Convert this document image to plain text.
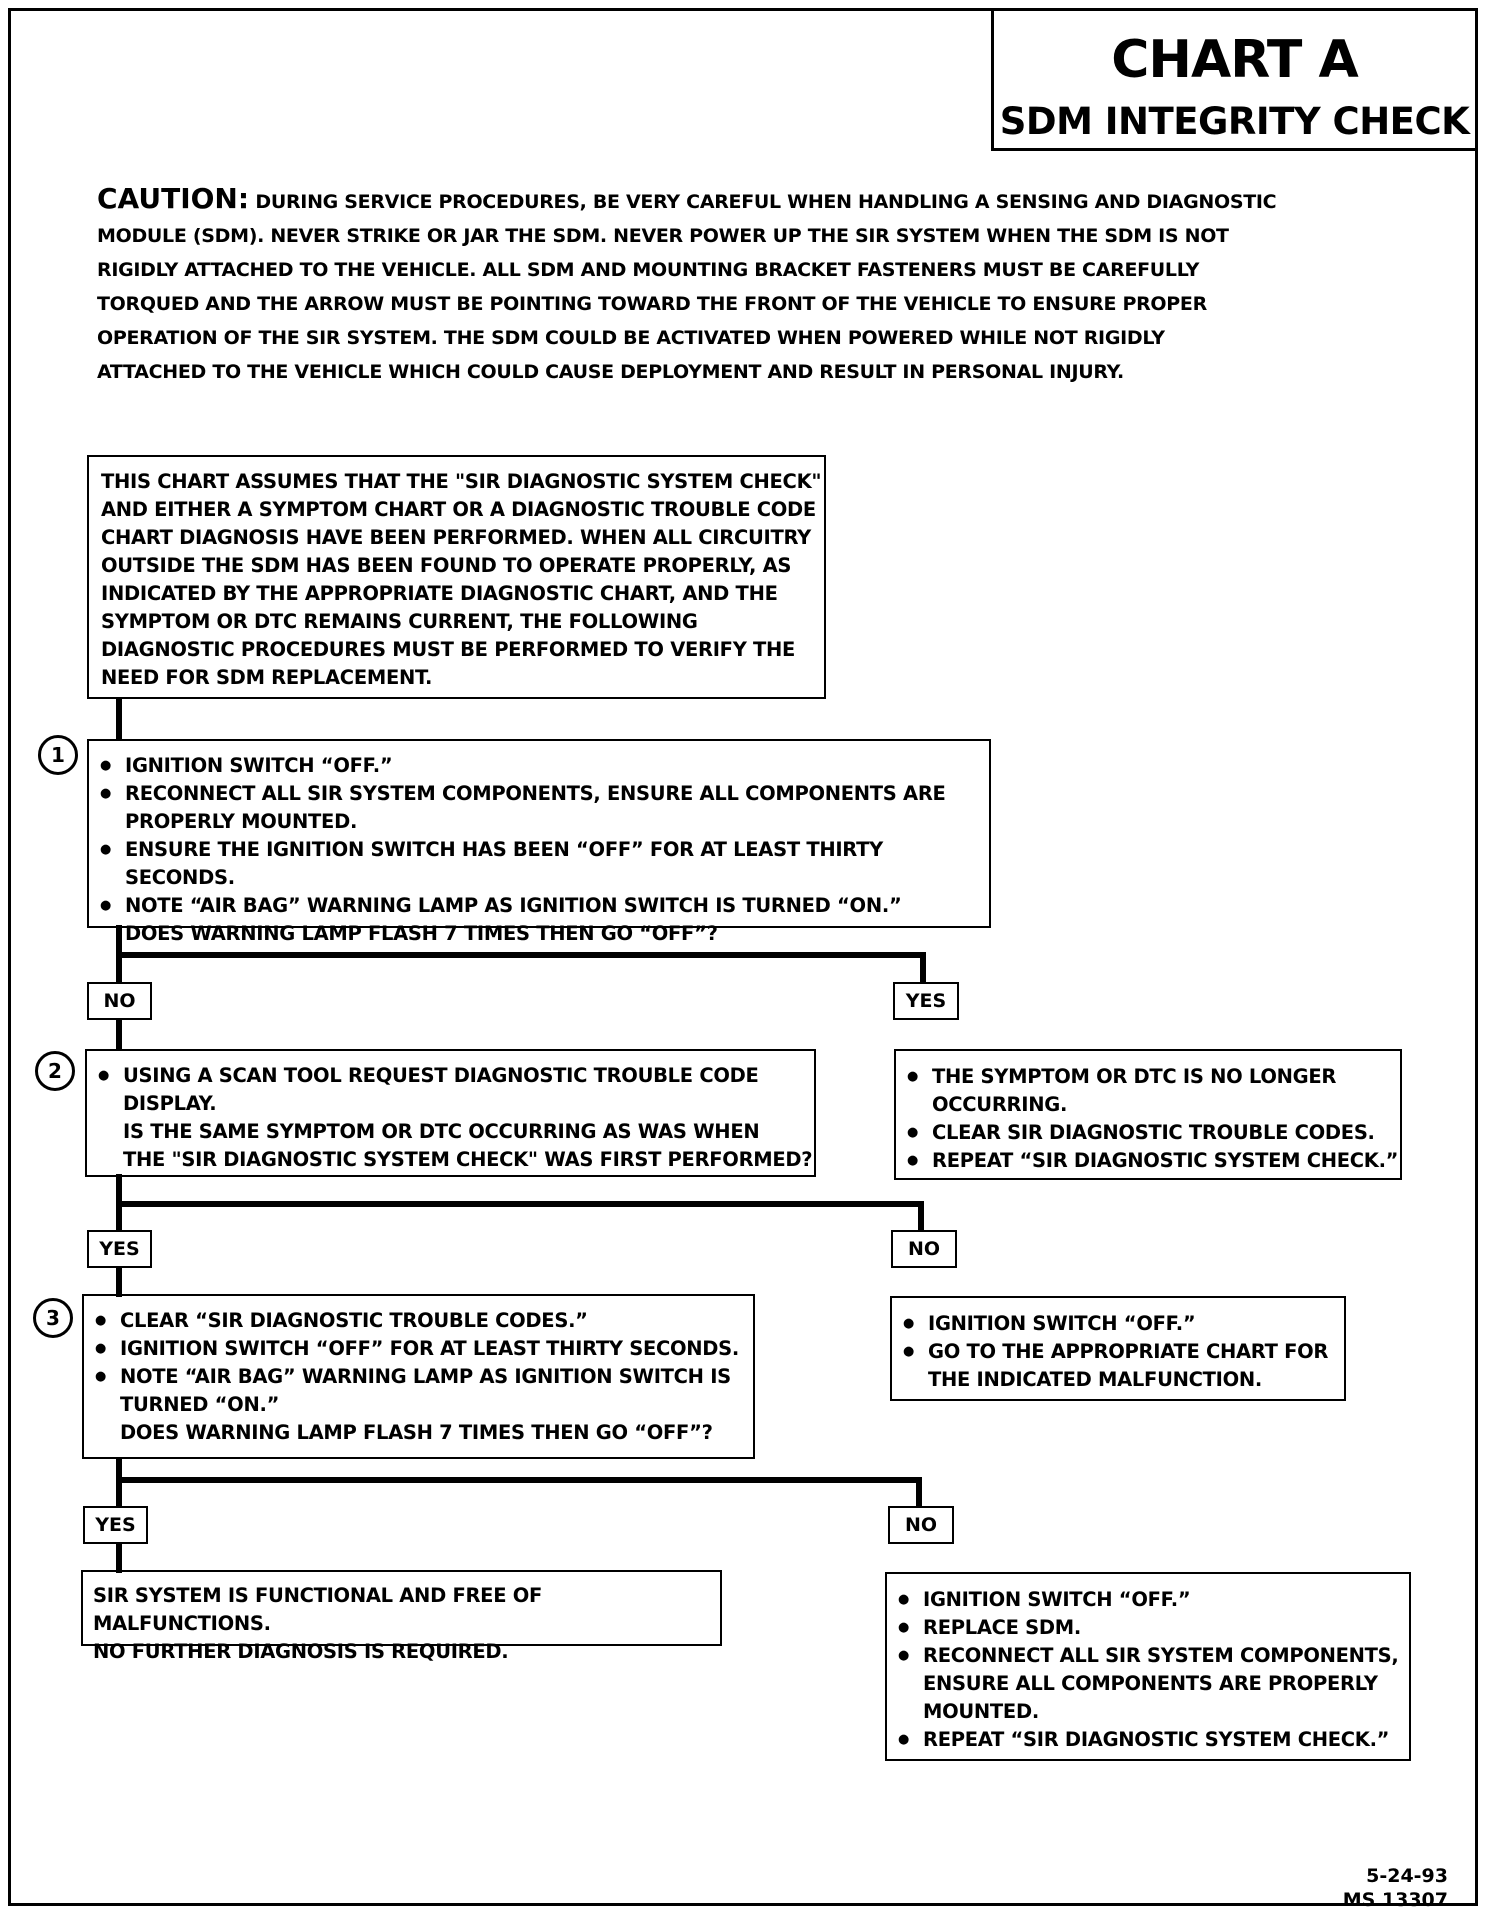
CHART A
SDM INTEGRITY CHECK
CAUTION: DURING SERVICE PROCEDURES, BE VERY CAREFUL WHEN HANDLING A SENSING AND DIAGNOSTIC
MODULE (SDM). NEVER STRIKE OR JAR THE SDM. NEVER POWER UP THE SIR SYSTEM WHEN THE SDM IS NOT
RIGIDLY ATTACHED TO THE VEHICLE. ALL SDM AND MOUNTING BRACKET FASTENERS MUST BE CAREFULLY
TORQUED AND THE ARROW MUST BE POINTING TOWARD THE FRONT OF THE VEHICLE TO ENSURE PROPER
OPERATION OF THE SIR SYSTEM. THE SDM COULD BE ACTIVATED WHEN POWERED WHILE NOT RIGIDLY
ATTACHED TO THE VEHICLE WHICH COULD CAUSE DEPLOYMENT AND RESULT IN PERSONAL INJURY.
THIS CHART ASSUMES THAT THE "SIR DIAGNOSTIC SYSTEM CHECK"
AND EITHER A SYMPTOM CHART OR A DIAGNOSTIC TROUBLE CODE
CHART DIAGNOSIS HAVE BEEN PERFORMED. WHEN ALL CIRCUITRY
OUTSIDE THE SDM HAS BEEN FOUND TO OPERATE PROPERLY, AS
INDICATED BY THE APPROPRIATE DIAGNOSTIC CHART, AND THE
SYMPTOM OR DTC REMAINS CURRENT, THE FOLLOWING
DIAGNOSTIC PROCEDURES MUST BE PERFORMED TO VERIFY THE
NEED FOR SDM REPLACEMENT.
1	● IGNITION SWITCH “OFF.”
● RECONNECT ALL SIR SYSTEM COMPONENTS, ENSURE ALL COMPONENTS ARE
PROPERLY MOUNTED.
● ENSURE THE IGNITION SWITCH HAS BEEN “OFF” FOR AT LEAST THIRTY SECONDS.
● NOTE “AIR BAG” WARNING LAMP AS IGNITION SWITCH IS TURNED “ON.”
DOES WARNING LAMP FLASH 7 TIMES THEN GO “OFF”?
NO	YES
2	● USING A SCAN TOOL REQUEST DIAGNOSTIC TROUBLE CODE
DISPLAY.
IS THE SAME SYMPTOM OR DTC OCCURRING AS WAS WHEN
THE "SIR DIAGNOSTIC SYSTEM CHECK" WAS FIRST PERFORMED?
● THE SYMPTOM OR DTC IS NO LONGER
OCCURRING.
● CLEAR SIR DIAGNOSTIC TROUBLE CODES.
● REPEAT “SIR DIAGNOSTIC SYSTEM CHECK.”
YES	NO
3	● CLEAR “SIR DIAGNOSTIC TROUBLE CODES.”
● IGNITION SWITCH “OFF” FOR AT LEAST THIRTY SECONDS.
● NOTE “AIR BAG” WARNING LAMP AS IGNITION SWITCH IS
TURNED “ON.”
DOES WARNING LAMP FLASH 7 TIMES THEN GO “OFF”?
● IGNITION SWITCH “OFF.”
● GO TO THE APPROPRIATE CHART FOR
THE INDICATED MALFUNCTION.
YES	NO
SIR SYSTEM IS FUNCTIONAL AND FREE OF MALFUNCTIONS.
NO FURTHER DIAGNOSIS IS REQUIRED.
● IGNITION SWITCH “OFF.”
● REPLACE SDM.
● RECONNECT ALL SIR SYSTEM COMPONENTS,
ENSURE ALL COMPONENTS ARE PROPERLY
MOUNTED.
● REPEAT “SIR DIAGNOSTIC SYSTEM CHECK.”
5-24-93
MS 13307
